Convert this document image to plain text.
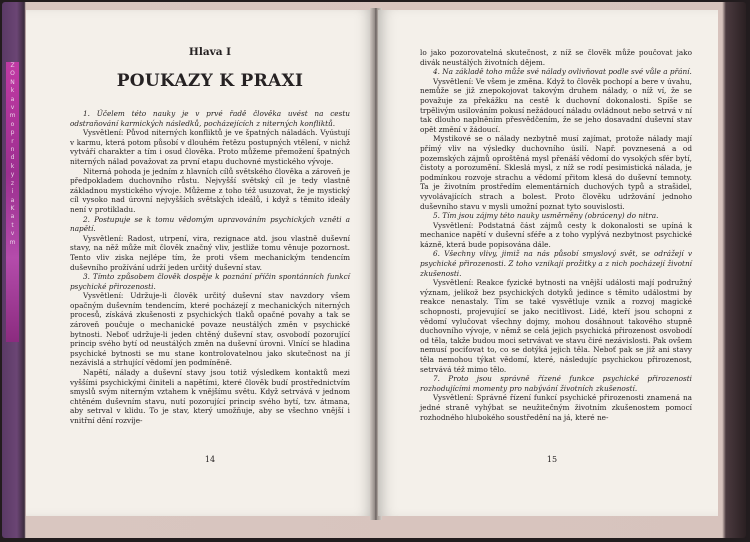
Z
O
N
k
a
v
m
o
p
r
n
d
k
y
z
i
a
K
a
t
v
m
Hlava I
POUKAZY K PRAXI

1. Účelem této nauky je v prvé řadě člověka uvést na cestu odstraňování karmických následků, pocházejících z niterných konfliktů.

Vysvětlení: Původ niterných konfliktů je ve špatných náladách. Vyústují v karmu, která potom působí v dlouhém řetězu postupných vtělení, v nichž vytváří charakter a tím i osud člověka. Proto můžeme přemožení špatných niterných nálad považovat za první etapu duchovné mystického vývoje.

Niterná pohoda je jedním z hlavních cílů světského člověka a zároveň je předpokladem duchovního růstu. Nejvyšší světský cíl je tedy vlastně základnou mystického vývoje. Můžeme z toho též usuzovat, že je mystický cíl vysoko nad úrovní nejvyšších světských ideálů, i když s těmito ideály není v protikladu.

2. Postupuje se k tomu vědomým upravováním psychických vzněti a napětí.

Vysvětlení: Radost, utrpení, vira, rezignace atd. jsou vlastně duševní stavy, na něž může mít člověk značný vliv, jestliže tomu věnuje pozornost. Tento vliv ziska nejlépe tím, že proti všem mechanickým tendencím duševního prožívání udrží jeden určitý duševní stav.

3. Tímto způsobem člověk dospěje k poznání příčin spontánních funkcí psychické přirozenosti.

Vysvětlení: Udržuje-li člověk určitý duševní stav navzdory všem opačným duševním tendencím, které pocházejí z mechanických niterných procesů, získává zkušenosti z psychických tlaků opačné povahy a tak se zároveň poučuje o mechanické povaze neustálých změn v psychické bytnosti. Neboť udržuje-li jeden chtěný duševní stav, osvobodí pozorující princip svého bytí od neustálých změn na duševní úrovni. Vlnící se hladina psychické bytnosti se mu stane kontrolovatelnou jako skutečnost na jí nezávislá a strhující vědomí jen podmíněně.

Napětí, nálady a duševní stavy jsou totiž výsledkem kontaktů mezi vyššími psychickými činiteli a napětími, které člověk budí prostřednictvím smyslů svým niterným vztahem k vnějšímu světu. Když setrvává v jednom chtěném duševním stavu, nutí pozorující princip svého bytí, tzv. átmana, aby setrval v klidu. To je stav, který umožňuje, aby se všechno vnější i vnitřní dění rozvíje-

14

lo jako pozorovatelná skutečnost, z níž se člověk může poučovat jako divák neustálých životních dějem.

4. Na základě toho může své nálady ovlivňovat podle své vůle a přání.

Vysvětlení: Ve všem je změna. Když to člověk pochopí a bere v úvahu, nemůže se již znepokojovat takovým druhem nálady, o níž ví, že se považuje za překážku na cestě k duchovní dokonalosti. Spíše se trpělivým usilováním pokusí nežádoucí náladu ovládnout nebo setrvá v ní tak dlouho naplněním přesvědčením, že se jeho dosavadní duševní stav opět změní v žádoucí.

Mystikové se o nálady nezbytně musí zajímat, protože nálady mají přímý vliv na výsledky duchovního úsilí. Např. povznesená a od pozemských zájmů oproštěná mysl přenáší vědomí do vysokých sfér bytí, čistoty a porozumění. Skleslá mysl, z níž se rodí pesimistická nálada, je podmínkou rozvoje strachu a vědomí přitom klesá do duševní temnoty. Ta je životním prostředím elementárních duchových typů a strašidel, vyvolávajících strach a bolest. Proto člověku udržování jednoho duševního stavu v mysli umožní poznat tyto souvislosti.

5. Tím jsou zájmy této nauky usměrněny (obráceny) do nitra.

Vysvětlení: Podstatná část zájmů cesty k dokonalosti se upíná k mechanice napětí v duševní sféře a z toho vyplývá nezbytnost psychické kázně, která bude popisována dále.

6. Všechny vlivy, jimiž na nás působí smyslový svět, se odrážejí v psychické přirozenosti. Z toho vznikají prožitky a z nich pocházejí životní zkušenosti.

Vysvětlení: Reakce fyzické bytnosti na vnější události mají podružný význam, jelikož bez psychických dotyků jedince s těmito událostmi by reakce nenastaly. Tím se také vysvětluje vznik a rozvoj magické schopnosti, projevující se jako necitlivost. Lidé, kteří jsou schopni z vědomí vylučovat všechny dojmy, mohou dosáhnout takového stupně duchovního vývoje, v němž se celá jejich psychická přirozenost osvobodí od těla, takže budou moci setrvávat ve stavu čiré nezávislosti. Pak ovšem nemusí pociťovat to, co se dotýká jejich těla. Neboť pak se již ani stavy těla nemohou týkat vědomí, které, následujíc psychickou přirozenost, setrvává též mimo tělo.

7. Proto jsou správně řízené funkce psychické přirozenosti rozhodujícími momenty pro nabývání životních zkušeností.

Vysvětlení: Správné řízení funkcí psychické přirozenosti znamená na jedné straně vyhýbat se neužitečným životním zkušenostem pomocí rozhodného hlubokého soustředění na já, které ne-

15
